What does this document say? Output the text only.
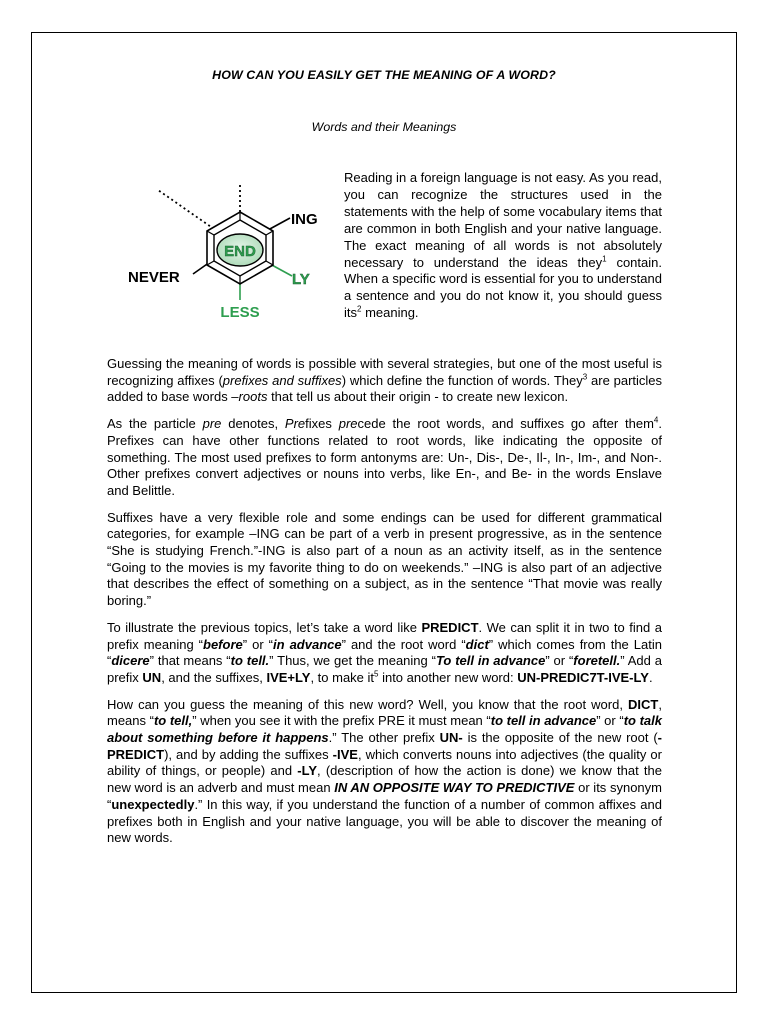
HOW CAN YOU EASILY GET THE MEANING OF A WORD?
Words and their Meanings
END
ING
NEVER	LY
LESS
Reading in a foreign language is not easy. As you read, you can recognize the structures used in the statements with the help of some vocabulary items that are common in both English and your native language. The exact meaning of all words is not absolutely necessary to understand the ideas they$^1$ contain. When a specific word is essential for you to understand a sentence and you do not know it, you should guess its$^2$ meaning.

Guessing the meaning of words is possible with several strategies, but one of the most useful is recognizing affixes (prefixes and suffixes) which define the function of words. They$^3$ are particles added to base words –roots that tell us about their origin - to create new lexicon.

As the particle pre denotes, Prefixes precede the root words, and suffixes go after them$^4$. Prefixes can have other functions related to root words, like indicating the opposite of something. The most used prefixes to form antonyms are: Un-, Dis-, De-, Il-, In-, Im-, and Non-. Other prefixes convert adjectives or nouns into verbs, like En-, and Be- in the words Enslave and Belittle.

Suffixes have a very flexible role and some endings can be used for different grammatical categories, for example –ING can be part of a verb in present progressive, as in the sentence “She is studying French.”-ING is also part of a noun as an activity itself, as in the sentence “Going to the movies is my favorite thing to do on weekends.” –ING is also part of an adjective that describes the effect of something on a subject, as in the sentence “That movie was really boring.”

To illustrate the previous topics, let’s take a word like PREDICT. We can split it in two to find a prefix meaning “before” or “in advance” and the root word “dict” which comes from the Latin “dicere” that means “to tell.” Thus, we get the meaning “To tell in advance” or “foretell.” Add a prefix UN, and the suffixes, IVE+LY, to make $it^5$ into another new word: UN-PREDIC7T-IVE-LY.

How can you guess the meaning of this new word? Well, you know that the root word, DICT, means “to tell,” when you see it with the prefix PRE it must mean “to tell in advance” or “to talk about something before it happens.” The other prefix UN- is the opposite of the new root (-PREDICT), and by adding the suffixes -IVE, which converts nouns into adjectives (the quality or ability of things, or people) and -LY, (description of how the action is done) we know that the new word is an adverb and must mean IN AN OPPOSITE WAY TO PREDICTIVE or its synonym “unexpectedly.” In this way, if you understand the function of a number of common affixes and prefixes both in English and your native language, you will be able to discover the meaning of new words.
